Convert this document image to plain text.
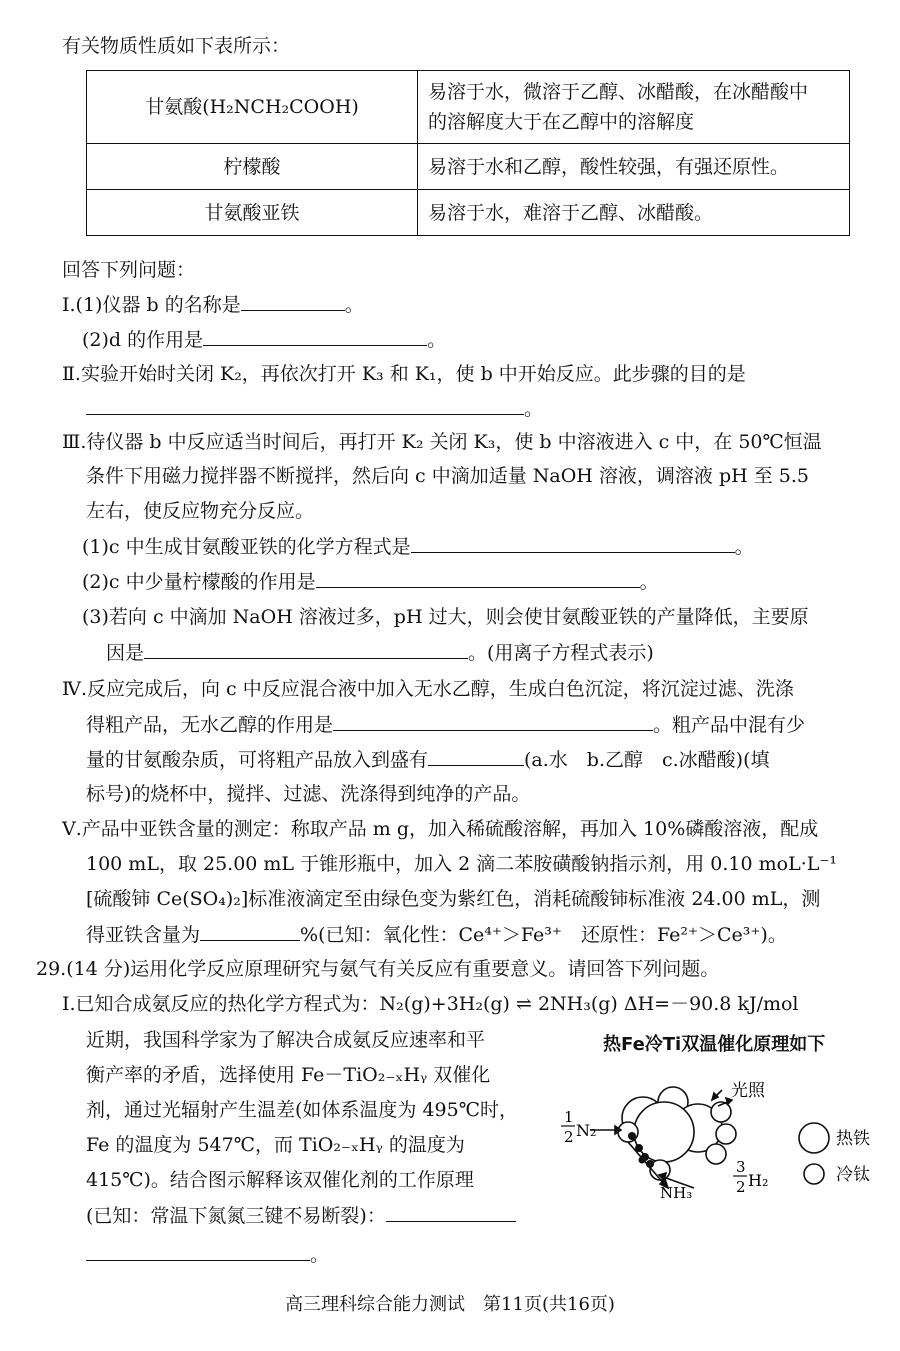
有关物质性质如下表所示：
甘氨酸(H₂NCH₂COOH)	易溶于水，微溶于乙醇、冰醋酸，在冰醋酸中
的溶解度大于在乙醇中的溶解度
柠檬酸	易溶于水和乙醇，酸性较强，有强还原性。
甘氨酸亚铁	易溶于水，难溶于乙醇、冰醋酸。
回答下列问题：
Ⅰ.(1)仪器 b 的名称是	。
(2)d 的作用是	。
Ⅱ.实验开始时关闭 K₂，再依次打开 K₃ 和 K₁，使 b 中开始反应。此步骤的目的是
。
Ⅲ.待仪器 b 中反应适当时间后，再打开 K₂ 关闭 K₃，使 b 中溶液进入 c 中，在 50℃恒温
条件下用磁力搅拌器不断搅拌，然后向 c 中滴加适量 NaOH 溶液，调溶液 pH 至 5.5
左右，使反应物充分反应。
(1)c 中生成甘氨酸亚铁的化学方程式是	。
(2)c 中少量柠檬酸的作用是	。
(3)若向 c 中滴加 NaOH 溶液过多，pH 过大，则会使甘氨酸亚铁的产量降低，主要原
因是	。(用离子方程式表示)
Ⅳ.反应完成后，向 c 中反应混合液中加入无水乙醇，生成白色沉淀，将沉淀过滤、洗涤
得粗产品，无水乙醇的作用是	。粗产品中混有少
量的甘氨酸杂质，可将粗产品放入到盛有	(a.水　b.乙醇　c.冰醋酸)(填
标号)的烧杯中，搅拌、过滤、洗涤得到纯净的产品。
Ⅴ.产品中亚铁含量的测定：称取产品 m g，加入稀硫酸溶解，再加入 10%磷酸溶液，配成
100 mL，取 25.00 mL 于锥形瓶中，加入 2 滴二苯胺磺酸钠指示剂，用 0.10 moL·L⁻¹
[硫酸铈 Ce(SO₄)₂]标准液滴定至由绿色变为紫红色，消耗硫酸铈标准液 24.00 mL，测
得亚铁含量为	%(已知：氧化性：Ce⁴⁺＞Fe³⁺　还原性：Fe²⁺＞Ce³⁺)。
29.(14 分)运用化学反应原理研究与氨气有关反应有重要意义。请回答下列问题。
Ⅰ.已知合成氨反应的热化学方程式为：N₂(g)+3H₂(g) ⇌ 2NH₃(g) ΔH=－90.8 kJ/mol
近期，我国科学家为了解决合成氨反应速率和平
衡产率的矛盾，选择使用 Fe－TiO₂₋ₓHᵧ 双催化
剂，通过光辐射产生温差(如体系温度为 495℃时，
Fe 的温度为 547℃，而 TiO₂₋ₓHᵧ 的温度为
415℃)。结合图示解释该双催化剂的工作原理
(已知：常温下氮氮三键不易断裂)：
。
热Fe冷Ti双温催化原理如下
光照
1
2 N₂
NH₃
3
2 H₂
热铁
冷钛
高三理科综合能力测试　第11页(共16页)
